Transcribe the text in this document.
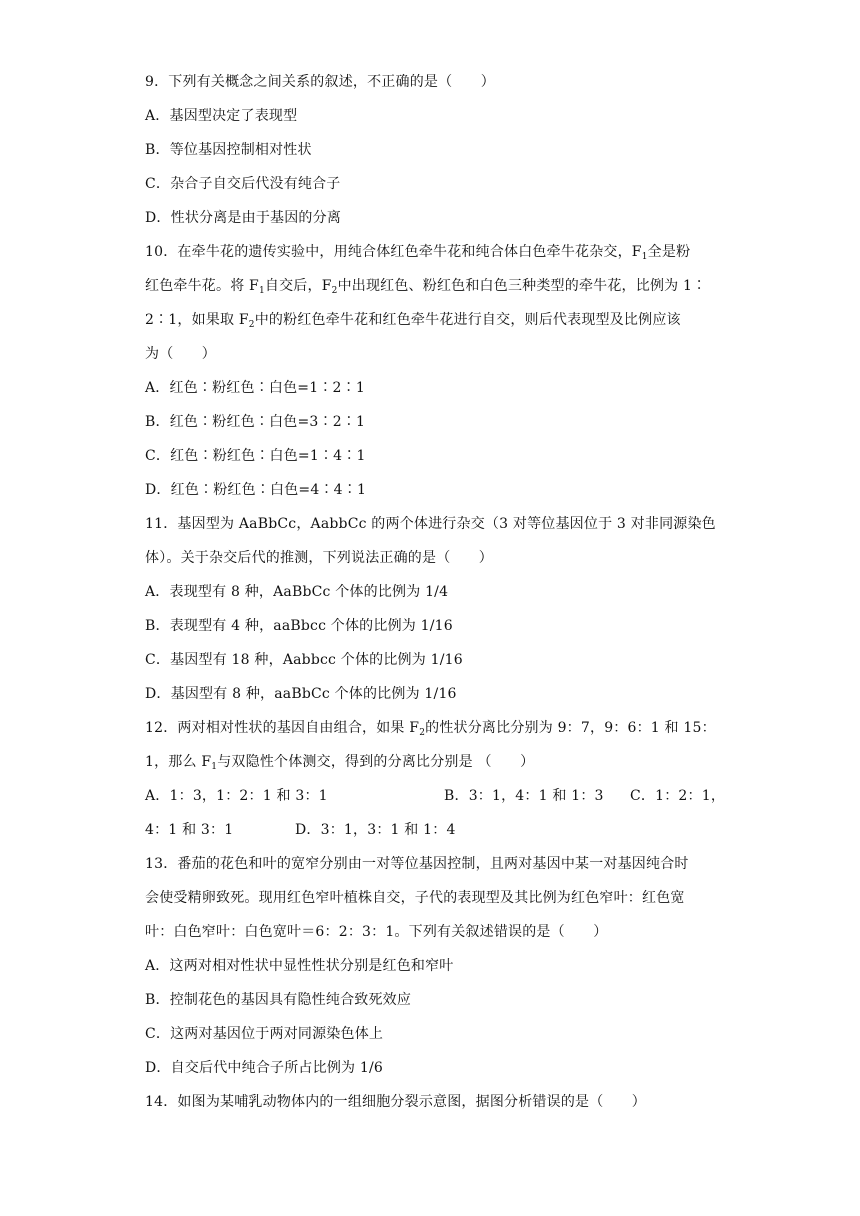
9．下列有关概念之间关系的叙述，不正确的是（　　）
A．基因型决定了表现型
B．等位基因控制相对性状
C．杂合子自交后代没有纯合子
D．性状分离是由于基因的分离
10．在牵牛花的遗传实验中，用纯合体红色牵牛花和纯合体白色牵牛花杂交，$F_1$全是粉
红色牵牛花。将 $F_1$自交后，$F_2$中出现红色、粉红色和白色三种类型的牵牛花，比例为 1∶
2∶1，如果取 $F_2$中的粉红色牵牛花和红色牵牛花进行自交，则后代表现型及比例应该
为（　　）
A．红色∶粉红色∶白色=1∶2∶1
B．红色∶粉红色∶白色=3∶2∶1
C．红色∶粉红色∶白色=1∶4∶1
D．红色∶粉红色∶白色=4∶4∶1
11．基因型为 AaBbCc，AabbCc 的两个体进行杂交（3 对等位基因位于 3 对非同源染色
体）。关于杂交后代的推测，下列说法正确的是（　　）
A．表现型有 8 种，AaBbCc 个体的比例为 1/4
B．表现型有 4 种，aaBbcc 个体的比例为 1/16
C．基因型有 18 种，Aabbcc 个体的比例为 1/16
D．基因型有 8 种，aaBbCc 个体的比例为 1/16
12．两对相对性状的基因自由组合，如果 $F_2$的性状分离比分别为 9：7，9：6：1 和 15：
1，那么 $F_1$与双隐性个体测交，得到的分离比分别是 （　　）
A．1：3，1：2：1 和 3：1	B．3：1，4：1 和 1：3 C．1：2：1，
4：1 和 3：1	D．3：1，3：1 和 1：4
13．番茄的花色和叶的宽窄分别由一对等位基因控制，且两对基因中某一对基因纯合时
会使受精卵致死。现用红色窄叶植株自交，子代的表现型及其比例为红色窄叶：红色宽
叶：白色窄叶：白色宽叶＝6：2：3：1。下列有关叙述错误的是（　　）
A．这两对相对性状中显性性状分别是红色和窄叶
B．控制花色的基因具有隐性纯合致死效应
C．这两对基因位于两对同源染色体上
D．自交后代中纯合子所占比例为 1/6
14．如图为某哺乳动物体内的一组细胞分裂示意图，据图分析错误的是（　　）
